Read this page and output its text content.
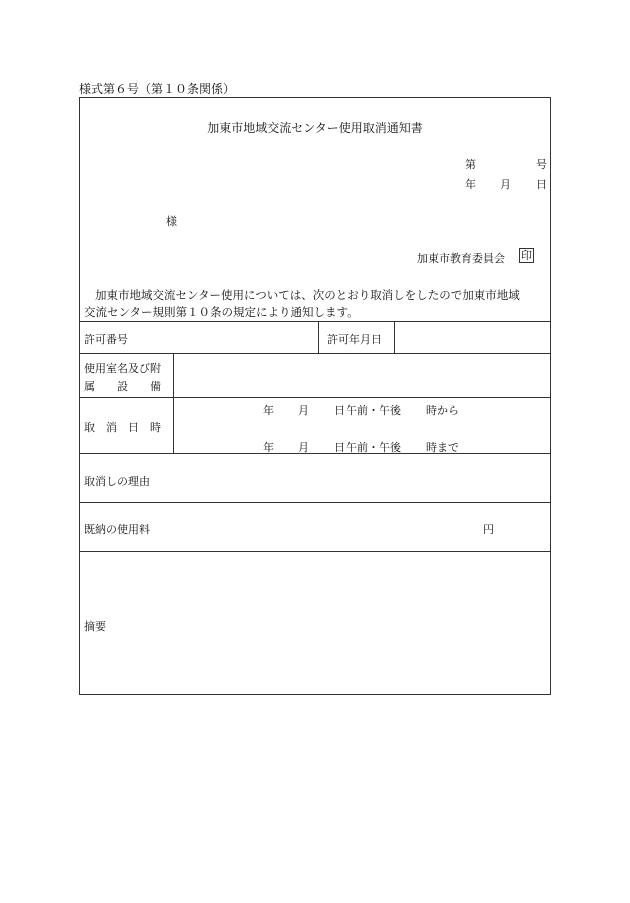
様式第６号（第１０条関係）
加東市地域交流センター使用取消通知書
第	号
年 月 日
様
加東市教育委員会 印

加東市地域交流センター使用については、次のとおり取消しをしたので加東市地域

交流センター規則第１０条の規定により通知します。

許可番号	許可年月日
使用室名及び附
属　　設　　備
取　消　日　時
年 月 日 午前・午後 時から
年 月 日 午前・午後 時まで
取消しの理由
既納の使用料	円
摘要
